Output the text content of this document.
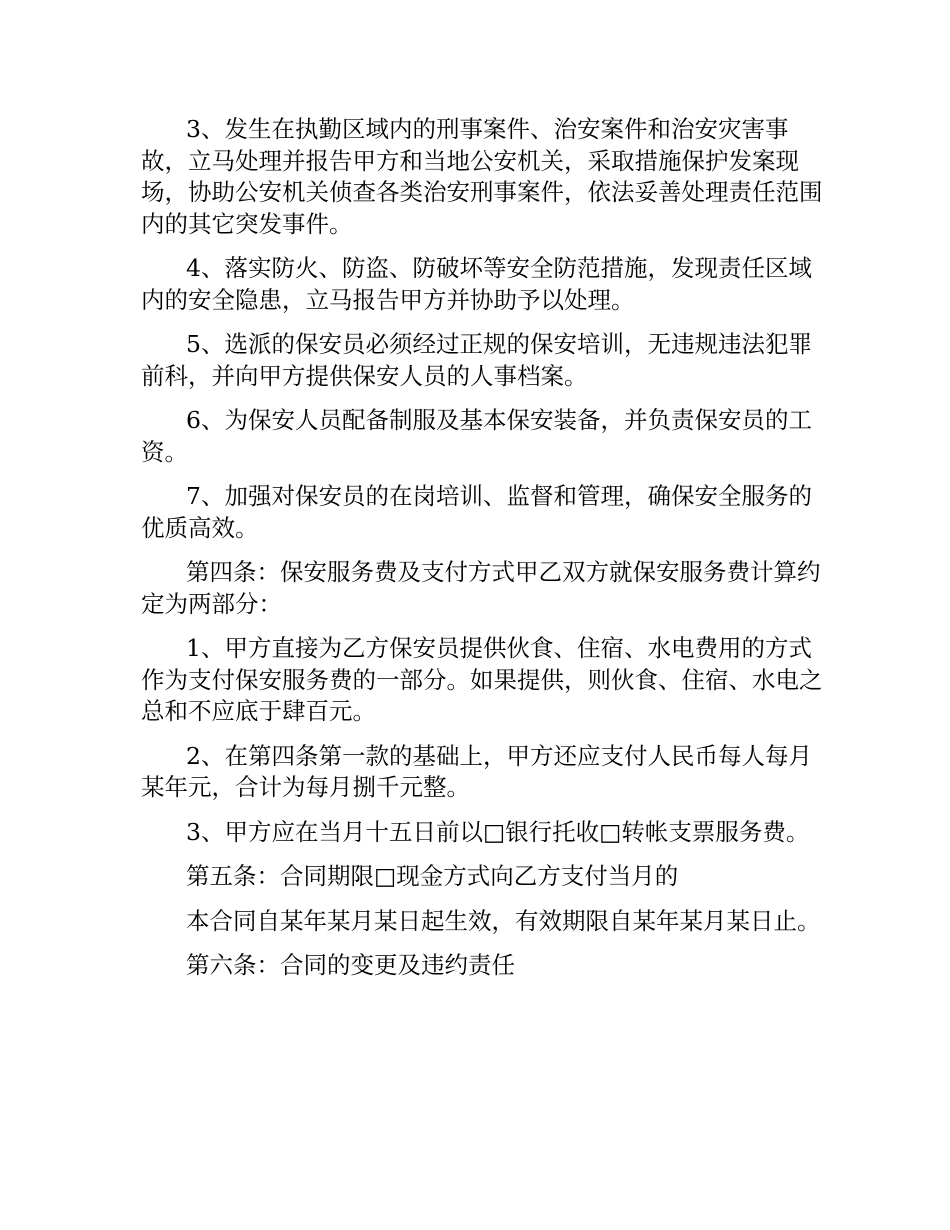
3、发生在执勤区域内的刑事案件、治安案件和治安灾害事故，立马处理并报告甲方和当地公安机关，采取措施保护发案现场，协助公安机关侦查各类治安刑事案件，依法妥善处理责任范围内的其它突发事件。

4、落实防火、防盗、防破坏等安全防范措施，发现责任区域内的安全隐患，立马报告甲方并协助予以处理。

5、选派的保安员必须经过正规的保安培训，无违规违法犯罪前科，并向甲方提供保安人员的人事档案。

6、为保安人员配备制服及基本保安装备，并负责保安员的工资。

7、加强对保安员的在岗培训、监督和管理，确保安全服务的优质高效。

第四条：保安服务费及支付方式甲乙双方就保安服务费计算约定为两部分：

1、甲方直接为乙方保安员提供伙食、住宿、水电费用的方式作为支付保安服务费的一部分。如果提供，则伙食、住宿、水电之总和不应底于肆百元。

2、在第四条第一款的基础上，甲方还应支付人民币每人每月某年元，合计为每月捌千元整。

3、甲方应在当月十五日前以□银行托收□转帐支票服务费。

第五条：合同期限□现金方式向乙方支付当月的

本合同自某年某月某日起生效，有效期限自某年某月某日止。

第六条：合同的变更及违约责任
